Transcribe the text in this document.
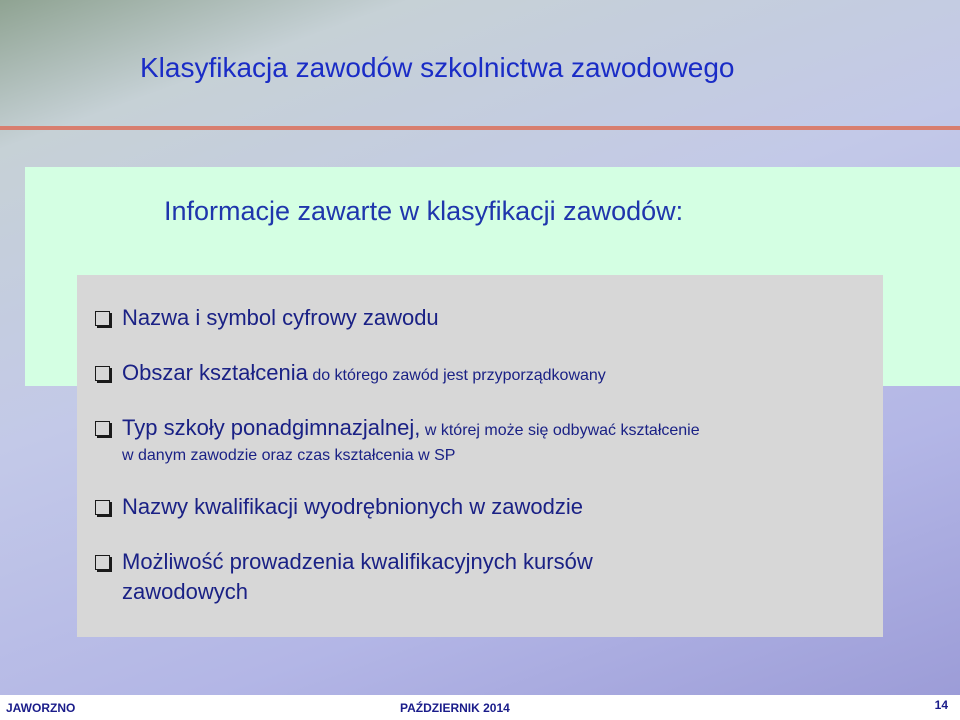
Klasyfikacja zawodów szkolnictwa zawodowego
Informacje zawarte w klasyfikacji zawodów:
Nazwa i symbol cyfrowy zawodu
Obszar kształcenia do którego zawód jest przyporządkowany
Typ szkoły ponadgimnazjalnej, w której może się odbywać kształcenie
w danym zawodzie oraz czas kształcenia w SP
Nazwy kwalifikacji wyodrębnionych w zawodzie
Możliwość prowadzenia kwalifikacyjnych kursów
zawodowych
JAWORZNO	PAŹDZIERNIK 2014	14
